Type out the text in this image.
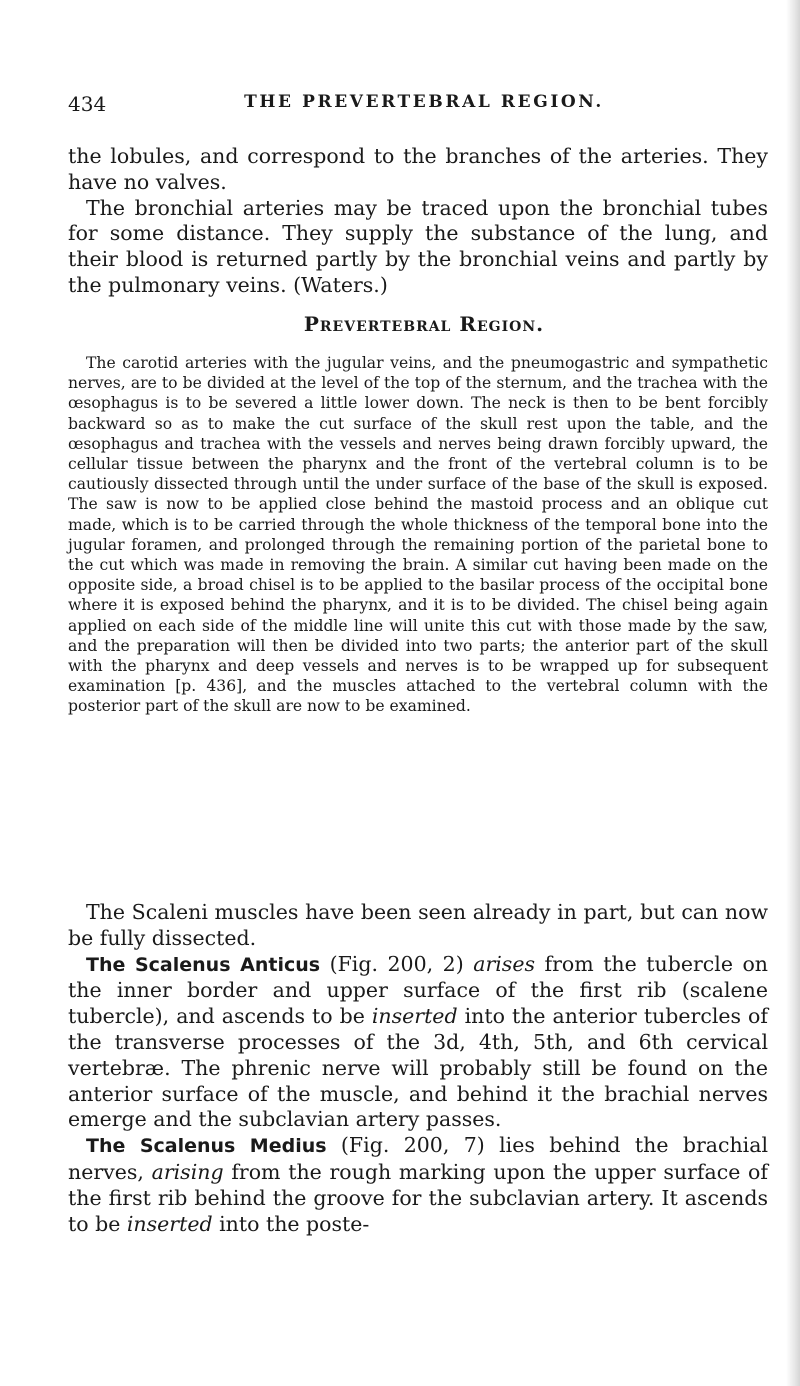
434	THE PREVERTEBRAL REGION.

the lobules, and correspond to the branches of the arteries. They have no valves.

The bronchial arteries may be traced upon the bronchial tubes for some distance. They supply the substance of the lung, and their blood is returned partly by the bronchial veins and partly by the pulmonary veins. (Waters.)

Prevertebral Region.

The carotid arteries with the jugular veins, and the pneumogastric and sympathetic nerves, are to be divided at the level of the top of the sternum, and the trachea with the œsophagus is to be severed a little lower down. The neck is then to be bent forcibly backward so as to make the cut surface of the skull rest upon the table, and the œsophagus and trachea with the vessels and nerves being drawn forcibly upward, the cellular tissue between the pharynx and the front of the vertebral column is to be cautiously dissected through until the under surface of the base of the skull is exposed. The saw is now to be applied close behind the mastoid process and an oblique cut made, which is to be carried through the whole thickness of the temporal bone into the jugular foramen, and prolonged through the remaining portion of the parietal bone to the cut which was made in removing the brain. A similar cut having been made on the opposite side, a broad chisel is to be applied to the basilar process of the occipital bone where it is exposed behind the pharynx, and it is to be divided. The chisel being again applied on each side of the middle line will unite this cut with those made by the saw, and the preparation will then be divided into two parts; the anterior part of the skull with the pharynx and deep vessels and nerves is to be wrapped up for subsequent examination [p. 436], and the muscles attached to the vertebral column with the posterior part of the skull are now to be examined.

The Scaleni muscles have been seen already in part, but can now be fully dissected.

The Scalenus Anticus (Fig. 200, 2) arises from the tubercle on the inner border and upper surface of the first rib (scalene tubercle), and ascends to be inserted into the anterior tubercles of the transverse processes of the 3d, 4th, 5th, and 6th cervical vertebræ. The phrenic nerve will probably still be found on the anterior surface of the muscle, and behind it the brachial nerves emerge and the subclavian artery passes.

The Scalenus Medius (Fig. 200, 7) lies behind the brachial nerves, arising from the rough marking upon the upper surface of the first rib behind the groove for the subclavian artery. It ascends to be inserted into the poste-
